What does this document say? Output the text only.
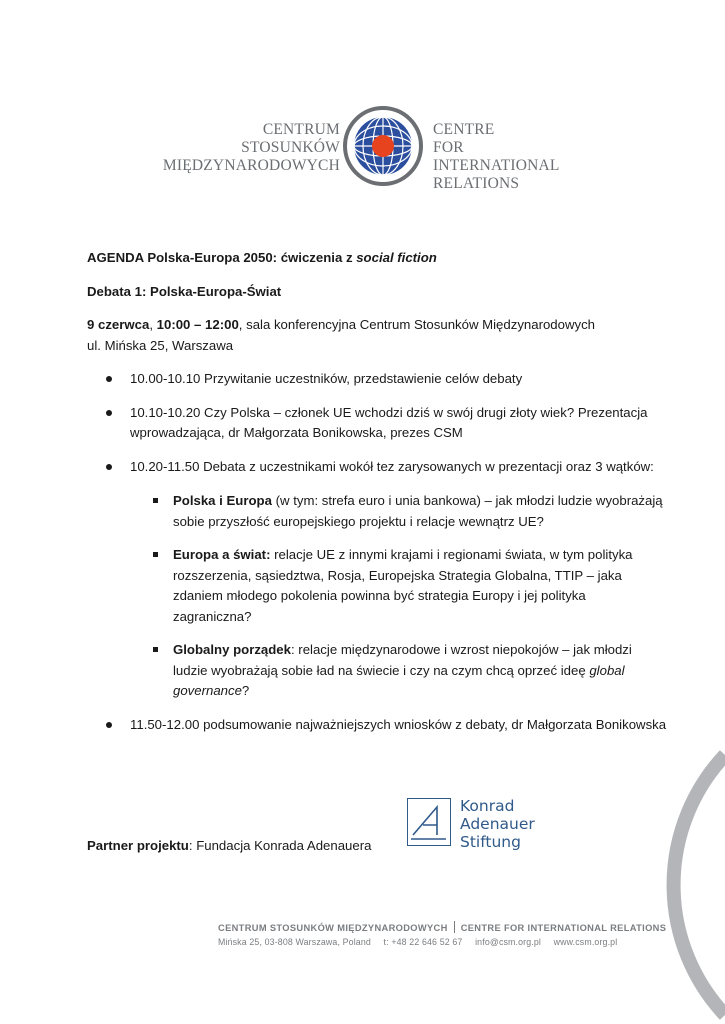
CENTRUM
STOSUNKÓW
MIĘDZYNARODOWYCH
CENTRE
FOR INTERNATIONAL
RELATIONS

AGENDA Polska-Europa 2050: ćwiczenia z social fiction

Debata 1: Polska-Europa-Świat

9 czerwca, 10:00 – 12:00, sala konferencyjna Centrum Stosunków Międzynarodowych
ul. Mińska 25, Warszawa

10.00-10.10 Przywitanie uczestników, przedstawienie celów debaty
10.10-10.20 Czy Polska – członek UE wchodzi dziś w swój drugi złoty wiek? Prezentacja wprowadzająca, dr Małgorzata Bonikowska, prezes CSM
10.20-11.50 Debata z uczestnikami wokół tez zarysowanych w prezentacji oraz 3 wątków:
Polska i Europa (w tym: strefa euro i unia bankowa) – jak młodzi ludzie wyobrażają sobie przyszłość europejskiego projektu i relacje wewnątrz UE?
Europa a świat: relacje UE z innymi krajami i regionami świata, w tym polityka rozszerzenia, sąsiedztwa, Rosja, Europejska Strategia Globalna, TTIP – jaka zdaniem młodego pokolenia powinna być strategia Europy i jej polityka zagraniczna?
Globalny porządek: relacje międzynarodowe i wzrost niepokojów – jak młodzi ludzie wyobrażają sobie ład na świecie i czy na czym chcą oprzeć ideę global governance?
11.50-12.00 podsumowanie najważniejszych wniosków z debaty, dr Małgorzata Bonikowska
Konrad
Adenauer
Stiftung
Partner projektu: Fundacja Konrada Adenauera
CENTRUM STOSUNKÓW MIĘDZYNARODOWYCH CENTRE FOR INTERNATIONAL RELATIONS
Mińska 25, 03-808 Warszawa, Poland t: +48 22 646 52 67 info@csm.org.pl www.csm.org.pl
